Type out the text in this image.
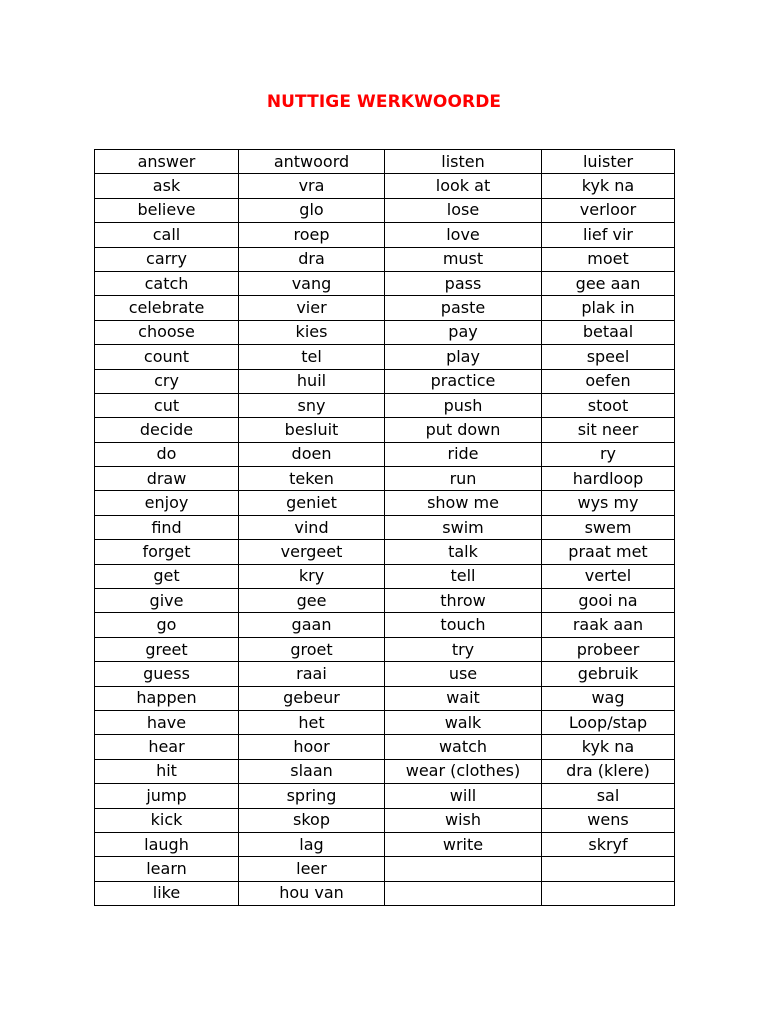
NUTTIGE WERKWOORDE
answer	antwoord	listen	luister
ask	vra	look at	kyk na
believe	glo	lose	verloor
call	roep	love	lief vir
carry	dra	must	moet
catch	vang	pass	gee aan
celebrate	vier	paste	plak in
choose	kies	pay	betaal
count	tel	play	speel
cry	huil	practice	oefen
cut	sny	push	stoot
decide	besluit	put down	sit neer
do	doen	ride	ry
draw	teken	run	hardloop
enjoy	geniet	show me	wys my
find	vind	swim	swem
forget	vergeet	talk	praat met
get	kry	tell	vertel
give	gee	throw	gooi na
go	gaan	touch	raak aan
greet	groet	try	probeer
guess	raai	use	gebruik
happen	gebeur	wait	wag
have	het	walk	Loop/stap
hear	hoor	watch	kyk na
hit	slaan	wear (clothes)	dra (klere)
jump	spring	will	sal
kick	skop	wish	wens
laugh	lag	write	skryf
learn	leer		
like	hou van		
